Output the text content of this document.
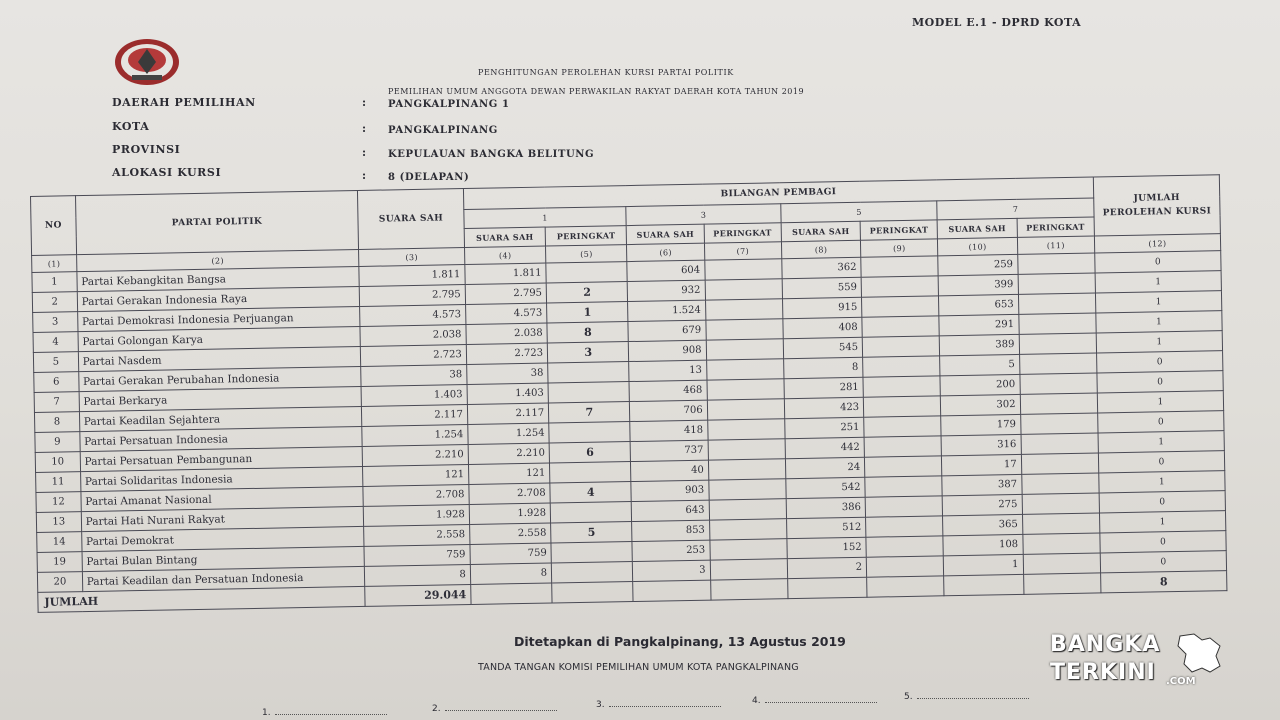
MODEL E.1 - DPRD KOTA
PENGHITUNGAN PEROLEHAN KURSI PARTAI POLITIK
PEMILIHAN UMUM ANGGOTA DEWAN PERWAKILAN RAKYAT DAERAH KOTA TAHUN 2019
DAERAH PEMILIHAN	: PANGKALPINANG 1
KOTA	: PANGKALPINANG
PROVINSI	: KEPULAUAN BANGKA BELITUNG
ALOKASI KURSI	: 8 (DELAPAN)
NO	PARTAI POLITIK	SUARA SAH	BILANGAN PEMBAGI								JUMLAH PEROLEHAN KURSI
			1		3		5		7		
			SUARA SAH	PERINGKAT	SUARA SAH	PERINGKAT	SUARA SAH	PERINGKAT	SUARA SAH	PERINGKAT	
(1)	(2)	(3)	(4)	(5)	(6)	(7)	(8)	(9)	(10)	(11)	(12)
1	Partai Kebangkitan Bangsa	1.811	1.811		604		362		259		0
2	Partai Gerakan Indonesia Raya	2.795	2.795	2	932		559		399		1
3	Partai Demokrasi Indonesia Perjuangan	4.573	4.573	1	1.524		915		653		1
4	Partai Golongan Karya	2.038	2.038	8	679		408		291		1
5	Partai Nasdem	2.723	2.723	3	908		545		389		1
6	Partai Gerakan Perubahan Indonesia	38	38		13		8		5		0
7	Partai Berkarya	1.403	1.403		468		281		200		0
8	Partai Keadilan Sejahtera	2.117	2.117	7	706		423		302		1
9	Partai Persatuan Indonesia	1.254	1.254		418		251		179		0
10	Partai Persatuan Pembangunan	2.210	2.210	6	737		442		316		1
11	Partai Solidaritas Indonesia	121	121		40		24		17		0
12	Partai Amanat Nasional	2.708	2.708	4	903		542		387		1
13	Partai Hati Nurani Rakyat	1.928	1.928		643		386		275		0
14	Partai Demokrat	2.558	2.558	5	853		512		365		1
19	Partai Bulan Bintang	759	759		253		152		108		0
20	Partai Keadilan dan Persatuan Indonesia	8	8		3		2		1		0
JUMLAH		29.044									8
Ditetapkan di Pangkalpinang, 13 Agustus 2019
TANDA TANGAN KOMISI PEMILIHAN UMUM KOTA PANGKALPINANG
1.	2.	3.	4.	5.
BANGKA
TERKINI .COM
